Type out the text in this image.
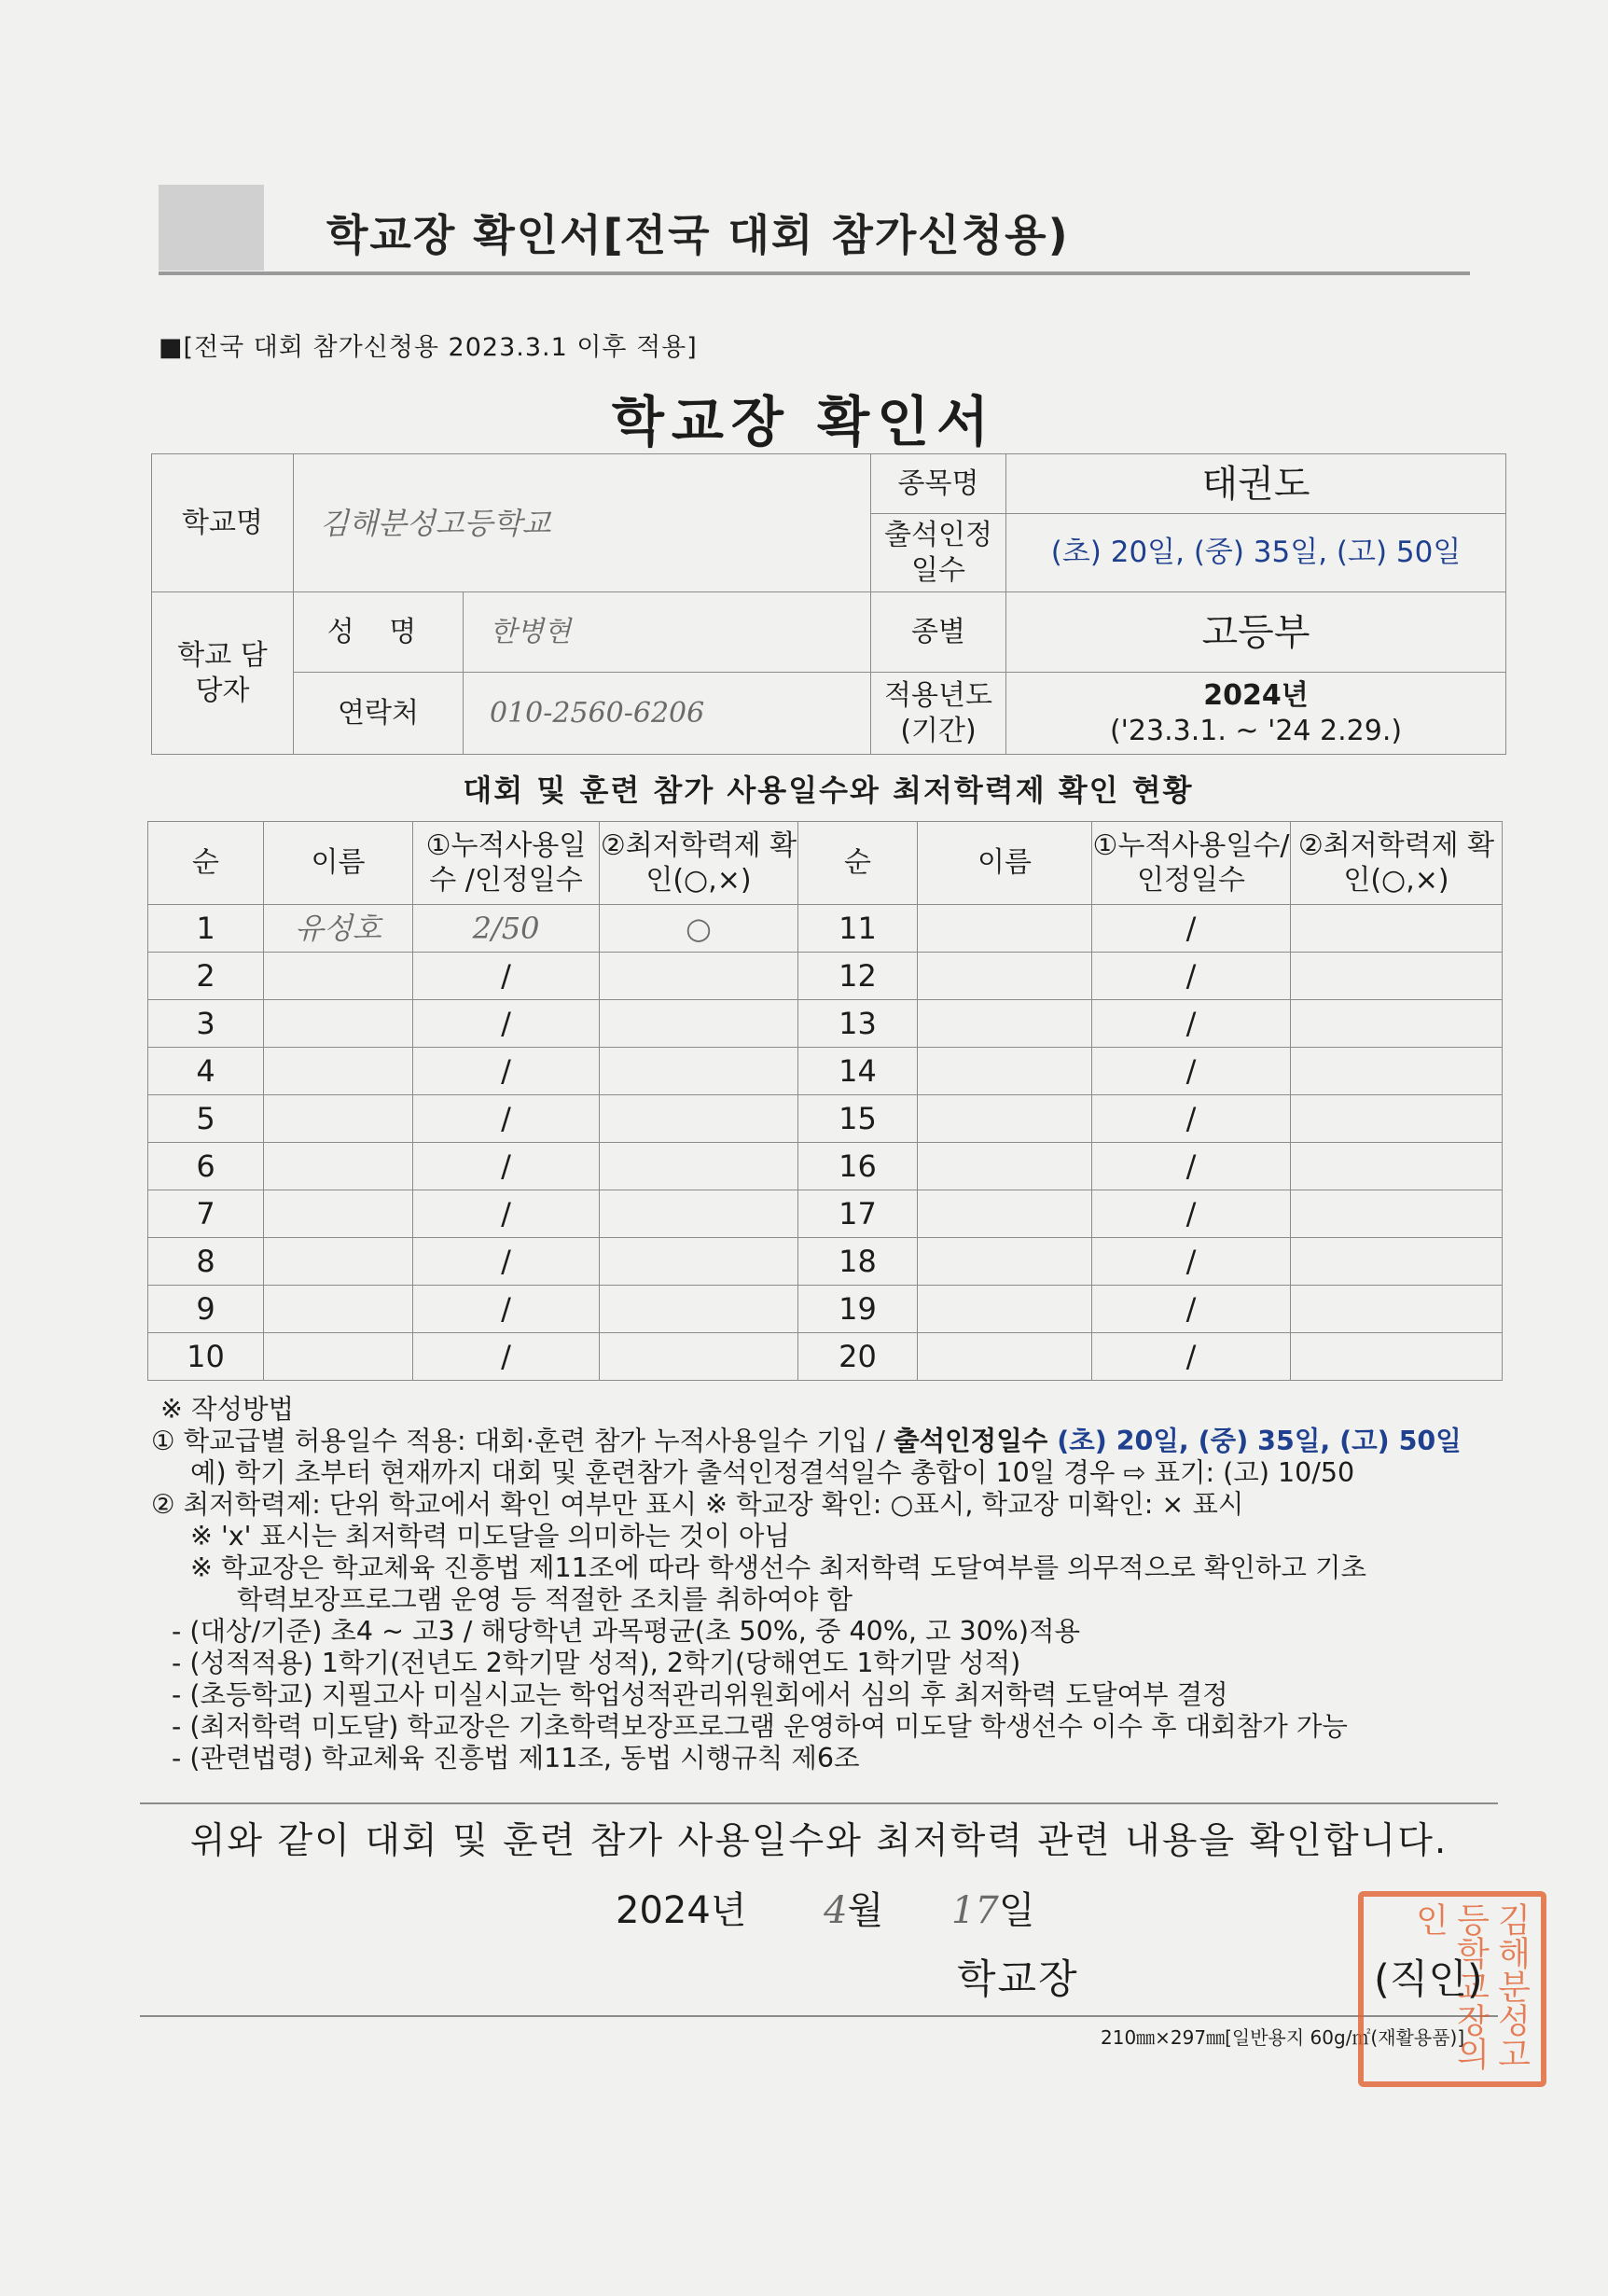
학교장 확인서[전국 대회 참가신청용)
■[전국 대회 참가신청용 2023.3.1 이후 적용]
학교장 확인서
학교명	김해분성고등학교		종목명	태권도
			출석인정 일수	(초) 20일, (중) 35일, (고) 50일
학교 담당자	성 명	한병현	종별	고등부
	연락처	010-2560-6206	적용년도 (기간)	2024년
('23.3.1. ~ '24 2.29.)
대회 및 훈련 참가 사용일수와 최저학력제 확인 현황
순	이름	①누적사용일수 /인정일수	②최저학력제 확인(○,×)	순	이름	①누적사용일수/ 인정일수	②최저학력제 확인(○,×)
1	유성호	2/50	○	11		/	
2		/		12		/	
3		/		13		/	
4		/		14		/	
5		/		15		/	
6		/		16		/	
7		/		17		/	
8		/		18		/	
9		/		19		/	
10		/		20		/	
※ 작성방법
① 학교급별 허용일수 적용: 대회·훈련 참가 누적사용일수 기입 / 출석인정일수 (초) 20일, (중) 35일, (고) 50일
예) 학기 초부터 현재까지 대회 및 훈련참가 출석인정결석일수 총합이 10일 경우 ⇨ 표기: (고) 10/50
② 최저학력제: 단위 학교에서 확인 여부만 표시 ※ 학교장 확인: ○표시, 학교장 미확인: × 표시
※ 'x' 표시는 최저학력 미도달을 의미하는 것이 아님
※ 학교장은 학교체육 진흥법 제11조에 따라 학생선수 최저학력 도달여부를 의무적으로 확인하고 기초
학력보장프로그램 운영 등 적절한 조치를 취하여야 함
- (대상/기준) 초4 ~ 고3 / 해당학년 과목평균(초 50%, 중 40%, 고 30%)적용
- (성적적용) 1학기(전년도 2학기말 성적), 2학기(당해연도 1학기말 성적)
- (초등학교) 지필고사 미실시교는 학업성적관리위원회에서 심의 후 최저학력 도달여부 결정
- (최저학력 미도달) 학교장은 기초학력보장프로그램 운영하여 미도달 학생선수 이수 후 대회참가 가능
- (관련법령) 학교체육 진흥법 제11조, 동법 시행규칙 제6조
위와 같이 대회 및 훈련 참가 사용일수와 최저학력 관련 내용을 확인합니다.
2024년 4월 17일
학교장	김해분성고등학교장의인
(직인)
210㎜×297㎜[일반용지 60g/㎡(재활용품)]
